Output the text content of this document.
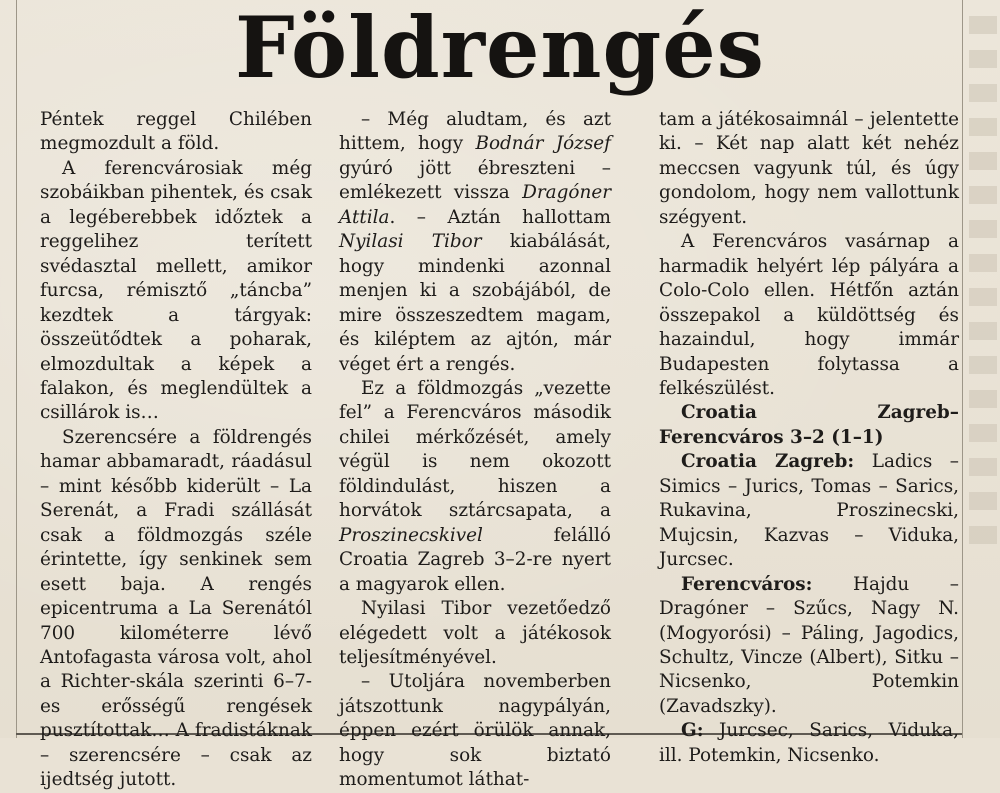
Földrengés

Péntek reggel Chilében megmozdult a föld.

A ferencvárosiak még szobáikban pihentek, és csak a legéberebbek időztek a reggelihez terített svédasztal mellett, amikor furcsa, rémisztő „táncba” kezdtek a tárgyak: összeütődtek a poharak, elmozdultak a képek a falakon, és meglendültek a csillárok is…

Szerencsére a földrengés hamar abbamaradt, ráadásul – mint később kiderült – La Serenát, a Fradi szállását csak a földmozgás széle érintette, így senkinek sem esett baja. A rengés epicentruma a La Serenától 700 kilométerre lévő Antofagasta városa volt, ahol a Richter-skála szerinti 6–7-es erősségű rengések pusztítottak… A fradistáknak – szerencsére – csak az ijedtség jutott.

– Még aludtam, és azt hittem, hogy Bodnár József gyúró jött ébreszteni – emlékezett vissza Dragóner Attila. – Aztán hallottam Nyilasi Tibor kiabálását, hogy mindenki azonnal menjen ki a szobájából, de mire összeszedtem magam, és kiléptem az ajtón, már véget ért a rengés.

Ez a földmozgás „vezette fel” a Ferencváros második chilei mérkőzését, amely végül is nem okozott földindulást, hiszen a horvátok sztárcsapata, a Proszinecskivel felálló Croatia Zagreb 3–2-re nyert a magyarok ellen.

Nyilasi Tibor vezetőedző elégedett volt a játékosok teljesítményével.

– Utoljára novemberben játszottunk nagypályán, éppen ezért örülök annak, hogy sok biztató momentumot láthat-

tam a játékosaimnál – jelentette ki. – Két nap alatt két nehéz meccsen vagyunk túl, és úgy gondolom, hogy nem vallottunk szégyent.

A Ferencváros vasárnap a harmadik helyért lép pályára a Colo-Colo ellen. Hétfőn aztán összepakol a küldöttség és hazaindul, hogy immár Budapesten folytassa a felkészülést.

Croatia Zagreb–Ferencváros 3–2 (1–1)

Croatia Zagreb: Ladics – Simics – Jurics, Tomas – Sarics, Rukavina, Proszinecski, Mujcsin, Kazvas – Viduka, Jurcsec.

Ferencváros: Hajdu – Dragóner – Szűcs, Nagy N. (Mogyorósi) – Páling, Jagodics, Schultz, Vincze (Albert), Sitku – Nicsenko, Potemkin (Zavadszky).

G: Jurcsec, Sarics, Viduka, ill. Potemkin, Nicsenko.
